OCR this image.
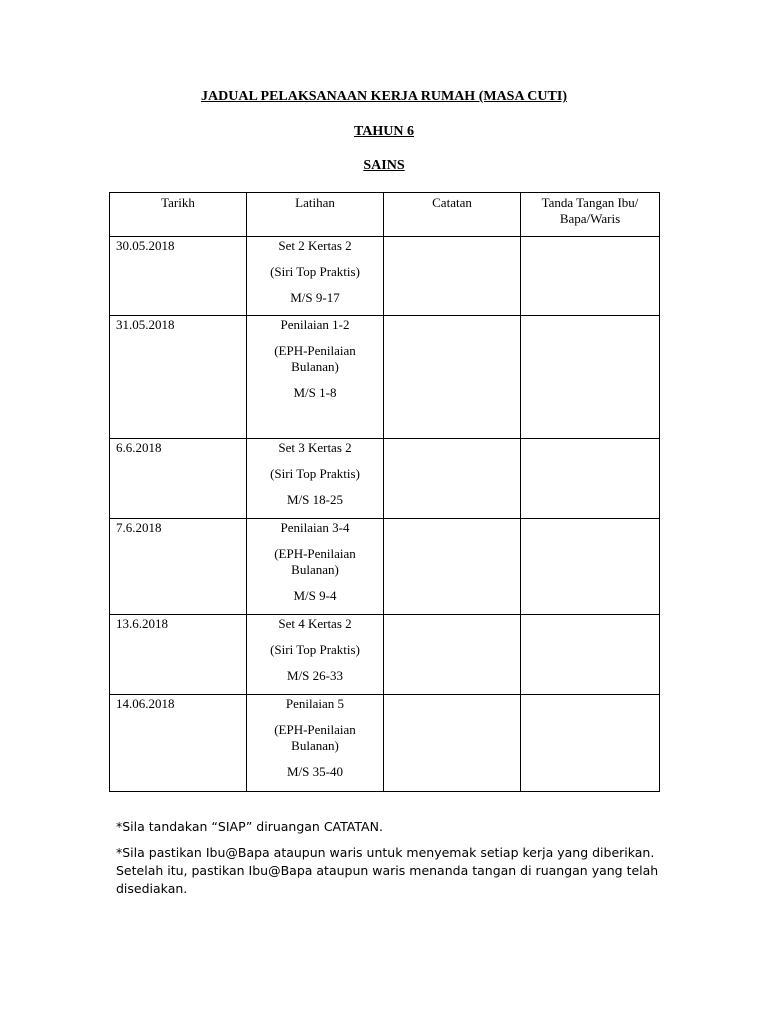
JADUAL PELAKSANAAN KERJA RUMAH (MASA CUTI)
TAHUN 6
SAINS
Tarikh	Latihan	Catatan	Tanda Tangan Ibu/
Bapa/Waris
30.05.2018	Set 2 Kertas 2
(Siri Top Praktis)
M/S 9-17		

31.05.2018	Penilaian 1-2
(EPH-Penilaian
Bulanan)
M/S 1-8		

6.6.2018	Set 3 Kertas 2
(Siri Top Praktis)
M/S 18-25		

7.6.2018	Penilaian 3-4
(EPH-Penilaian
Bulanan)
M/S 9-4		

13.6.2018	Set 4 Kertas 2
(Siri Top Praktis)
M/S 26-33		

14.06.2018	Penilaian 5
(EPH-Penilaian
Bulanan)
M/S 35-40		

*Sila tandakan “SIAP” diruangan CATATAN.

*Sila pastikan Ibu@Bapa ataupun waris untuk menyemak setiap kerja yang diberikan.
Setelah itu, pastikan Ibu@Bapa ataupun waris menanda tangan di ruangan yang telah
disediakan.
